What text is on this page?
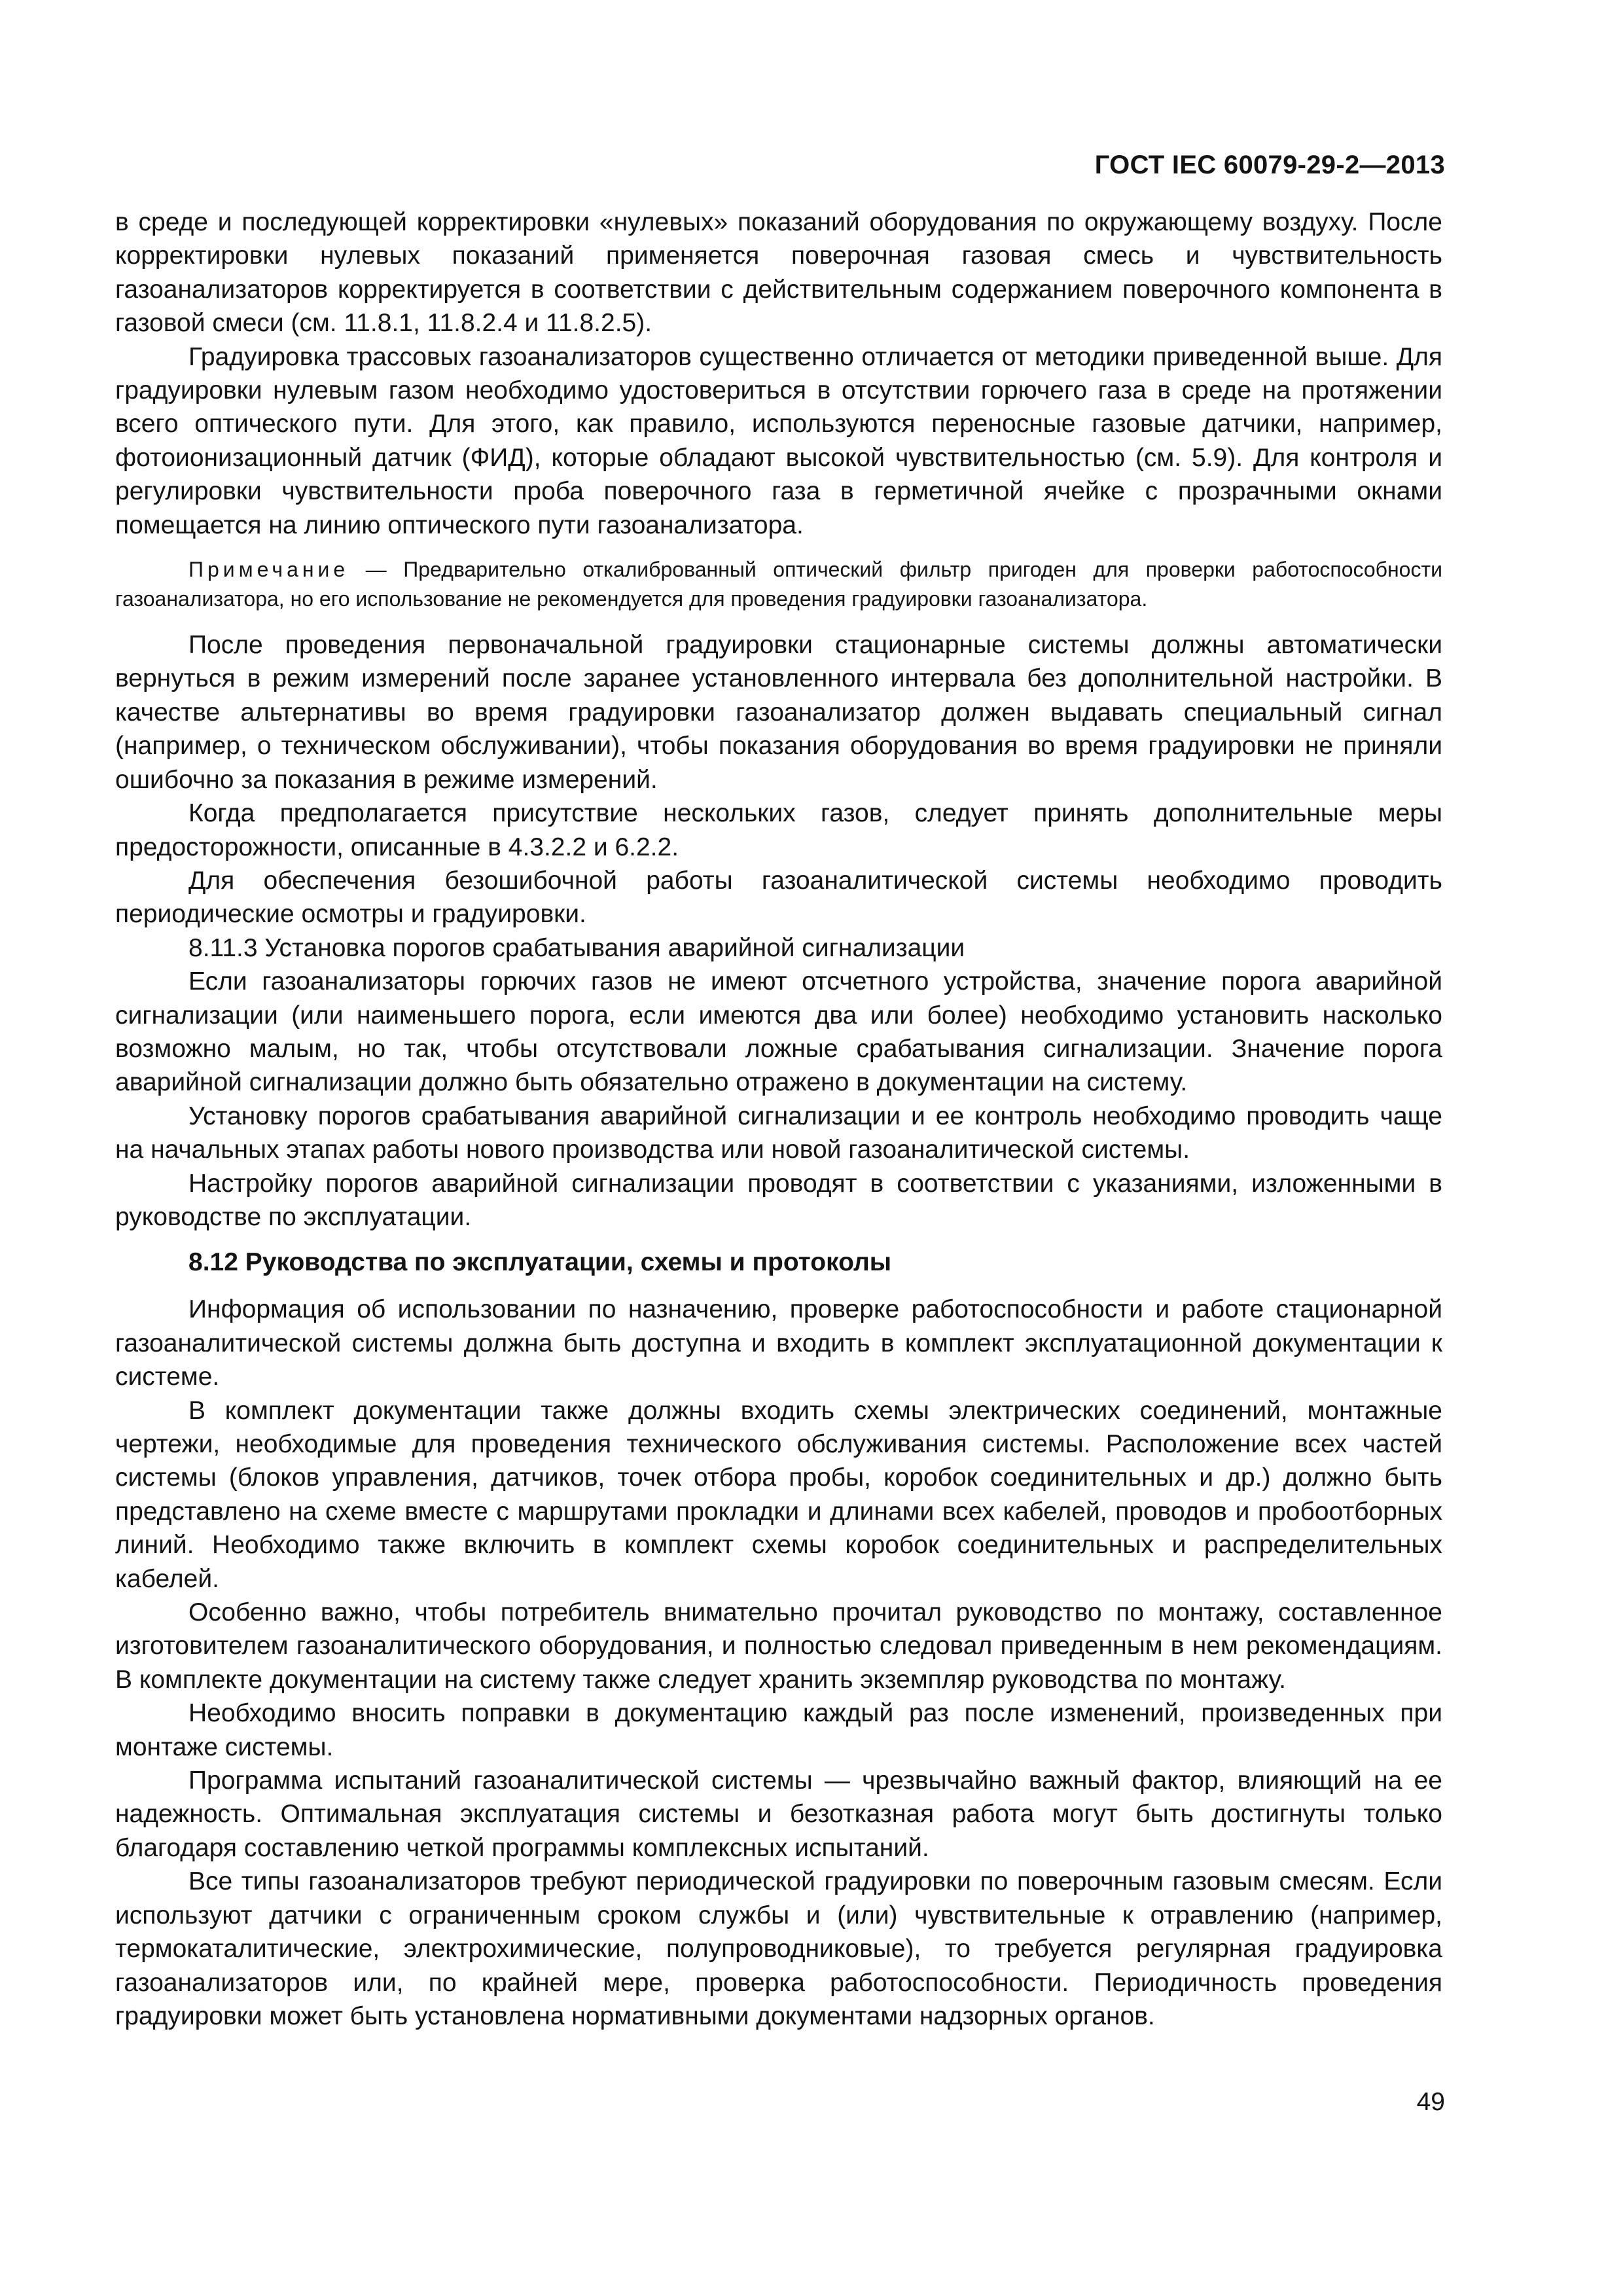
ГОСТ IEC 60079-29-2—2013

в среде и последующей корректировки «нулевых» показаний оборудования по окружающему воздуху. После корректировки нулевых показаний применяется поверочная газовая смесь и чувствительность газоанализаторов корректируется в соответствии с действительным содержанием поверочного компонента в газовой смеси (см. 11.8.1, 11.8.2.4 и 11.8.2.5).

Градуировка трассовых газоанализаторов существенно отличается от методики приведенной выше. Для градуировки нулевым газом необходимо удостовериться в отсутствии горючего газа в среде на протяжении всего оптического пути. Для этого, как правило, используются переносные газовые датчики, например, фотоионизационный датчик (ФИД), которые обладают высокой чувствительностью (см. 5.9). Для контроля и регулировки чувствительности проба поверочного газа в герметичной ячейке с прозрачными окнами помещается на линию оптического пути газоанализатора.

Примечание — Предварительно откалиброванный оптический фильтр пригоден для проверки работоспособности газоанализатора, но его использование не рекомендуется для проведения градуировки газоанализатора.

После проведения первоначальной градуировки стационарные системы должны автоматически вернуться в режим измерений после заранее установленного интервала без дополнительной настройки. В качестве альтернативы во время градуировки газоанализатор должен выдавать специальный сигнал (например, о техническом обслуживании), чтобы показания оборудования во время градуировки не приняли ошибочно за показания в режиме измерений.

Когда предполагается присутствие нескольких газов, следует принять дополнительные меры предосторожности, описанные в 4.3.2.2 и 6.2.2.

Для обеспечения безошибочной работы газоаналитической системы необходимо проводить периодические осмотры и градуировки.

8.11.3 Установка порогов срабатывания аварийной сигнализации

Если газоанализаторы горючих газов не имеют отсчетного устройства, значение порога аварийной сигнализации (или наименьшего порога, если имеются два или более) необходимо установить насколько возможно малым, но так, чтобы отсутствовали ложные срабатывания сигнализации. Значение порога аварийной сигнализации должно быть обязательно отражено в документации на систему.

Установку порогов срабатывания аварийной сигнализации и ее контроль необходимо проводить чаще на начальных этапах работы нового производства или новой газоаналитической системы.

Настройку порогов аварийной сигнализации проводят в соответствии с указаниями, изложенными в руководстве по эксплуатации.

8.12 Руководства по эксплуатации, схемы и протоколы

Информация об использовании по назначению, проверке работоспособности и работе стационарной газоаналитической системы должна быть доступна и входить в комплект эксплуатационной документации к системе.

В комплект документации также должны входить схемы электрических соединений, монтажные чертежи, необходимые для проведения технического обслуживания системы. Расположение всех частей системы (блоков управления, датчиков, точек отбора пробы, коробок соединительных и др.) должно быть представлено на схеме вместе с маршрутами прокладки и длинами всех кабелей, проводов и пробоотборных линий. Необходимо также включить в комплект схемы коробок соединительных и распределительных кабелей.

Особенно важно, чтобы потребитель внимательно прочитал руководство по монтажу, составленное изготовителем газоаналитического оборудования, и полностью следовал приведенным в нем рекомендациям. В комплекте документации на систему также следует хранить экземпляр руководства по монтажу.

Необходимо вносить поправки в документацию каждый раз после изменений, произведенных при монтаже системы.

Программа испытаний газоаналитической системы — чрезвычайно важный фактор, влияющий на ее надежность. Оптимальная эксплуатация системы и безотказная работа могут быть достигнуты только благодаря составлению четкой программы комплексных испытаний.

Все типы газоанализаторов требуют периодической градуировки по поверочным газовым смесям. Если используют датчики с ограниченным сроком службы и (или) чувствительные к отравлению (например, термокаталитические, электрохимические, полупроводниковые), то требуется регулярная градуировка газоанализаторов или, по крайней мере, проверка работоспособности. Периодичность проведения градуировки может быть установлена нормативными документами надзорных органов.

49
